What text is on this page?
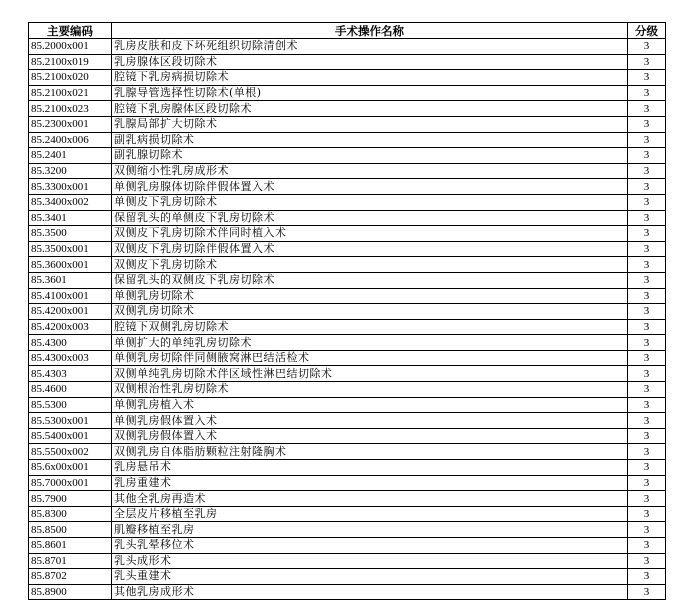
主要编码	手术操作名称	分级
85.2000x001	乳房皮肤和皮下坏死组织切除清创术	3
85.2100x019	乳房腺体区段切除术	3
85.2100x020	腔镜下乳房病损切除术	3
85.2100x021	乳腺导管选择性切除术(单根)	3
85.2100x023	腔镜下乳房腺体区段切除术	3
85.2300x001	乳腺局部扩大切除术	3
85.2400x006	副乳病损切除术	3
85.2401	副乳腺切除术	3
85.3200	双侧缩小性乳房成形术	3
85.3300x001	单侧乳房腺体切除伴假体置入术	3
85.3400x002	单侧皮下乳房切除术	3
85.3401	保留乳头的单侧皮下乳房切除术	3
85.3500	双侧皮下乳房切除术伴同时植入术	3
85.3500x001	双侧皮下乳房切除伴假体置入术	3
85.3600x001	双侧皮下乳房切除术	3
85.3601	保留乳头的双侧皮下乳房切除术	3
85.4100x001	单侧乳房切除术	3
85.4200x001	双侧乳房切除术	3
85.4200x003	腔镜下双侧乳房切除术	3
85.4300	单侧扩大的单纯乳房切除术	3
85.4300x003	单侧乳房切除伴同侧腋窝淋巴结活检术	3
85.4303	双侧单纯乳房切除术伴区域性淋巴结切除术	3
85.4600	双侧根治性乳房切除术	3
85.5300	单侧乳房植入术	3
85.5300x001	单侧乳房假体置入术	3
85.5400x001	双侧乳房假体置入术	3
85.5500x002	双侧乳房自体脂肪颗粒注射隆胸术	3
85.6x00x001	乳房悬吊术	3
85.7000x001	乳房重建术	3
85.7900	其他全乳房再造术	3
85.8300	全层皮片移植至乳房	3
85.8500	肌瓣移植至乳房	3
85.8601	乳头乳晕移位术	3
85.8701	乳头成形术	3
85.8702	乳头重建术	3
85.8900	其他乳房成形术	3
